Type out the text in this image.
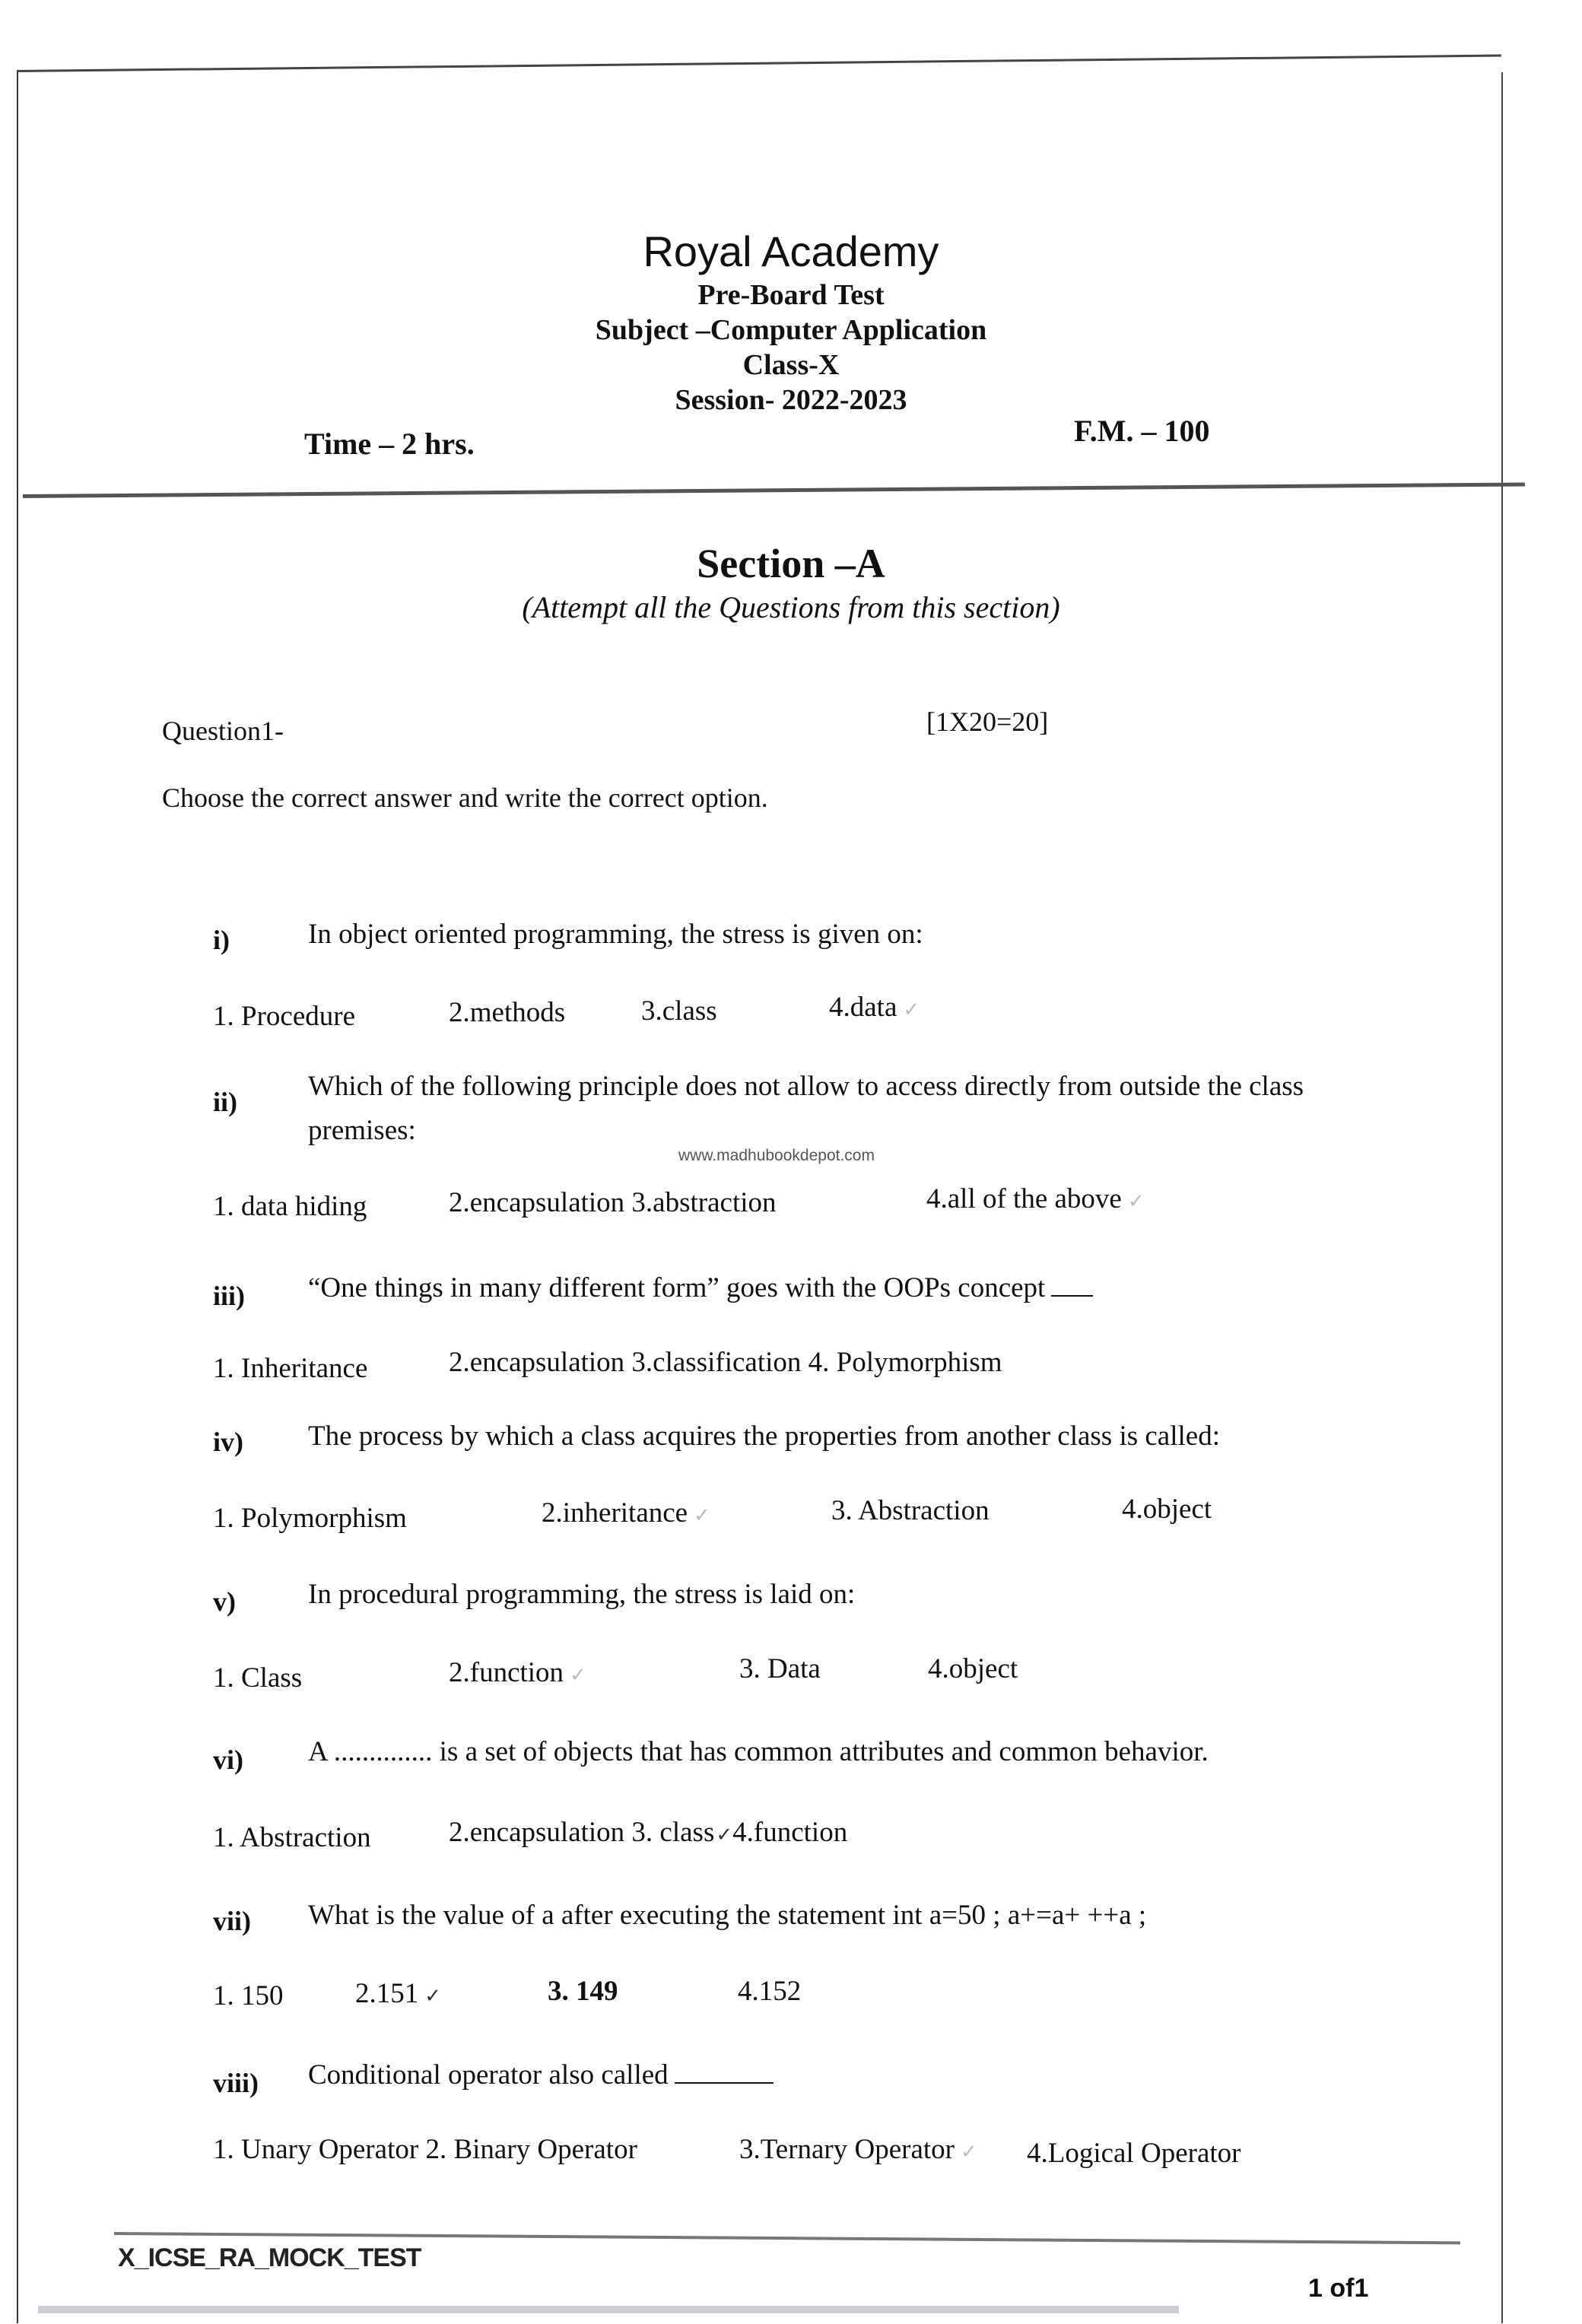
Royal Academy
Pre-Board Test
Subject –Computer Application
Class-X
Session- 2022-2023
Time – 2 hrs.	F.M. – 100
Section –A
(Attempt all the Questions from this section)
Question1-	[1X20=20]
Choose the correct answer and write the correct option.
i)	In object oriented programming, the stress is given on:
1. Procedure	2.methods	3.class	4.data ✓
ii)	Which of the following principle does not allow to access directly from outside the class premises:
www.madhubookdepot.com
1. data hiding	2.encapsulation 3.abstraction	4.all of the above ✓
iii) “One things in many different form” goes with the OOPs concept
1. Inheritance	2.encapsulation 3.classification 4. Polymorphism
iv) The process by which a class acquires the properties from another class is called:
1. Polymorphism	2.inheritance ✓	3. Abstraction	4.object
v)	In procedural programming, the stress is laid on:
1. Class	2.function ✓	3. Data	4.object
vi) A .............. is a set of objects that has common attributes and common behavior.
1. Abstraction	2.encapsulation 3. class✓4.function
vii) What is the value of a after executing the statement int a=50 ; a+=a+ ++a ;
1. 150	2.151 ✓	3. 149	4.152
viii) Conditional operator also called
1. Unary Operator 2. Binary Operator	3.Ternary Operator ✓ 4.Logical Operator
X_ICSE_RA_MOCK_TEST
1 of1
